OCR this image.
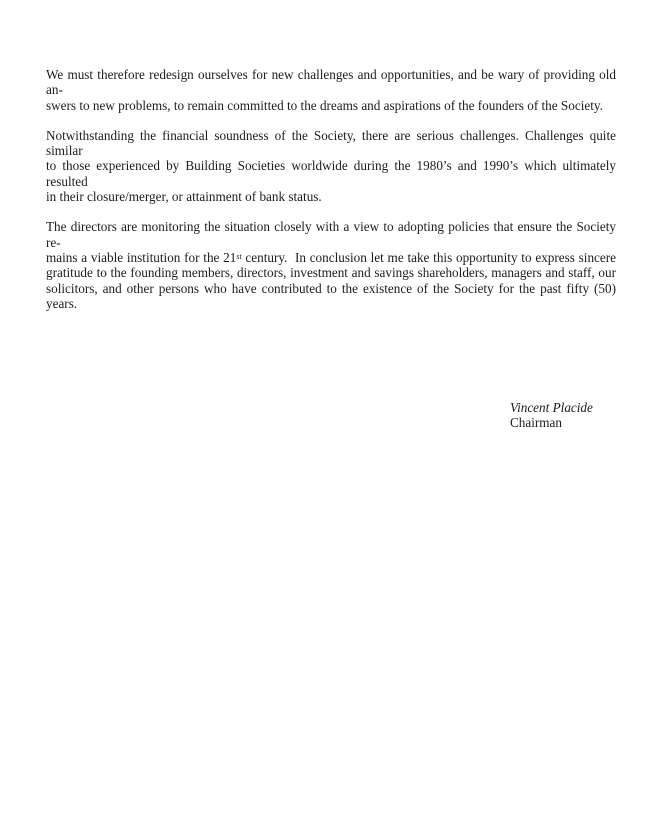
We must therefore redesign ourselves for new challenges and opportunities, and be wary of providing old an-
swers to new problems, to remain committed to the dreams and aspirations of the founders of the Society.
Notwithstanding the financial soundness of the Society, there are serious challenges. Challenges quite similar
to those experienced by Building Societies worldwide during the 1980’s and 1990’s which ultimately resulted
in their closure/merger, or attainment of bank status.
The directors are monitoring the situation closely with a view to adopting policies that ensure the Society re-
mains a viable institution for the 21st century.  In conclusion let me take this opportunity to express sincere
gratitude to the founding members, directors, investment and savings shareholders, managers and staff, our
solicitors, and other persons who have contributed to the existence of the Society for the past fifty (50) years.
Vincent Placide
Chairman
